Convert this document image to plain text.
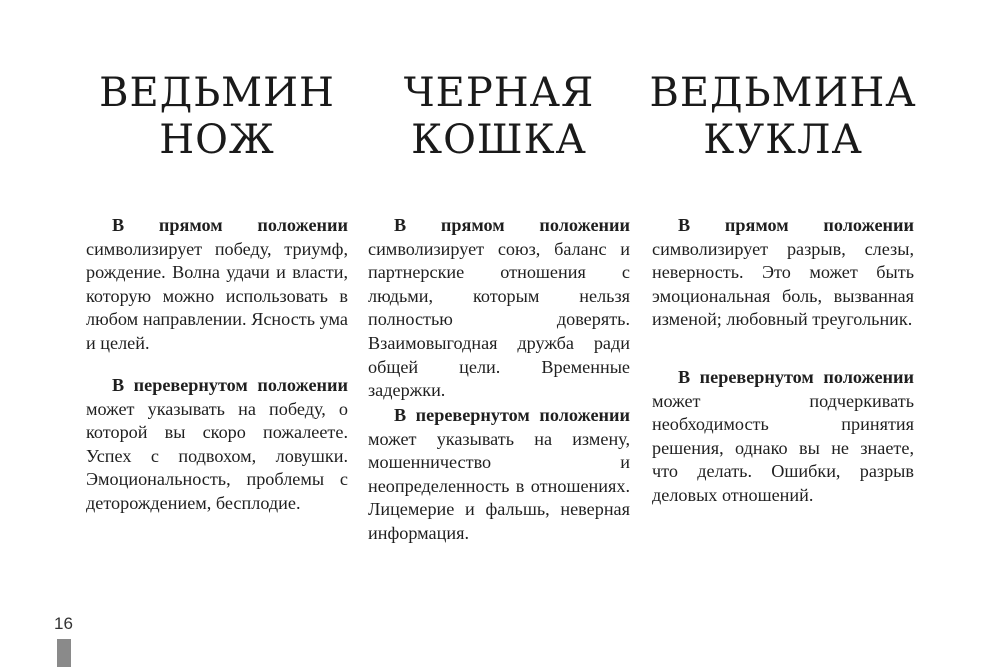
ВЕДЬМИН
НОЖ

В прямом положении символизирует победу, триумф, рождение. Волна удачи и власти, которую можно использовать в любом направлении. Ясность ума и целей.

В перевернутом положении может указывать на победу, о которой вы скоро пожалеете. Успех с подвохом, ловушки. Эмоциональность, проблемы с деторождением, бесплодие.

ЧЕРНАЯ
КОШКА

В прямом положении символизирует союз, баланс и партнерские отношения с людьми, которым нельзя полностью доверять. Взаимовыгодная дружба ради общей цели. Временные задержки.

В перевернутом положении может указывать на измену, мошенничество и неопределенность в отношениях. Лицемерие и фальшь, неверная информация.

ВЕДЬМИНА
КУКЛА

В прямом положении символизирует разрыв, слезы, неверность. Это может быть эмоциональная боль, вызванная изменой; любовный треугольник.

В перевернутом положении может подчеркивать необходимость принятия решения, однако вы не знаете, что делать. Ошибки, разрыв деловых отношений.

16
